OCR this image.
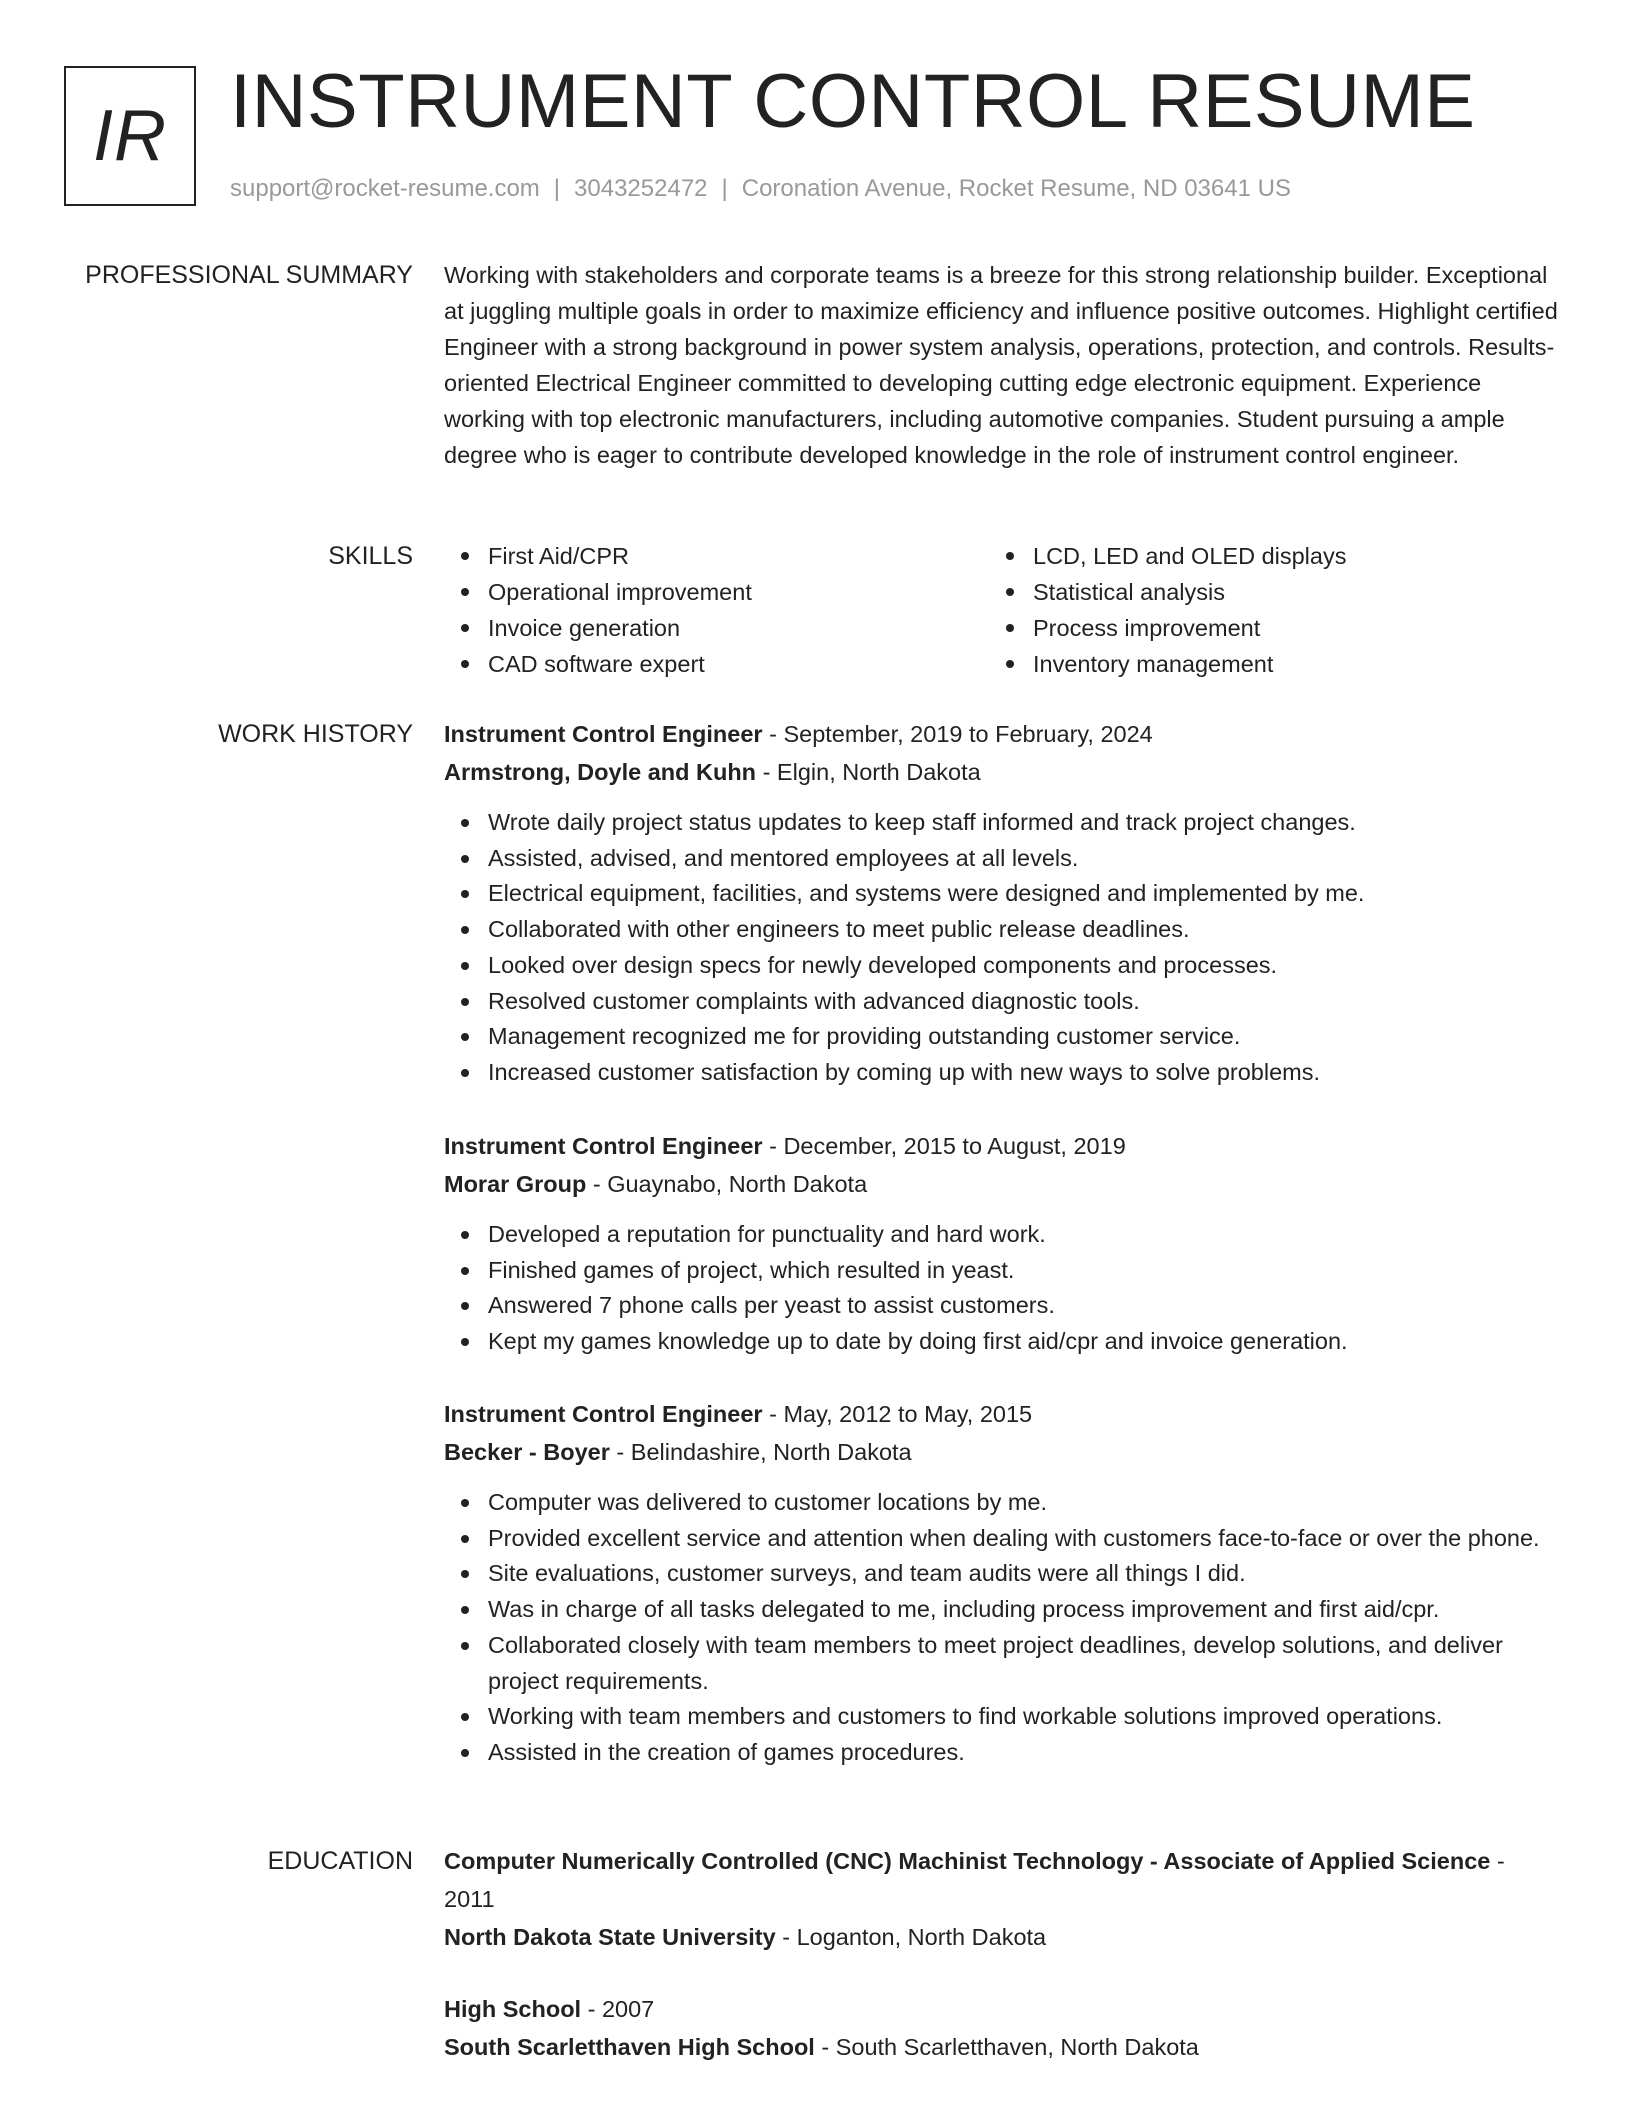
IR INSTRUMENT CONTROL RESUME
support@rocket-resume.com | 3043252472 | Coronation Avenue, Rocket Resume, ND 03641 US
PROFESSIONAL SUMMARY Working with stakeholders and corporate teams is a breeze for this strong relationship builder. Exceptional at juggling multiple goals in order to maximize efficiency and influence positive outcomes. Highlight certified Engineer with a strong background in power system analysis, operations, protection, and controls. Results-oriented Electrical Engineer committed to developing cutting edge electronic equipment. Experience working with top electronic manufacturers, including automotive companies. Student pursuing a ample degree who is eager to contribute developed knowledge in the role of instrument control engineer.

SKILLS	First Aid/CPR	LCD, LED and OLED displays
Operational improvement	Statistical analysis
Invoice generation	Process improvement
CAD software expert	Inventory management
WORK HISTORY Instrument Control Engineer - September, 2019 to February, 2024
Armstrong, Doyle and Kuhn - Elgin, North Dakota
Wrote daily project status updates to keep staff informed and track project changes.
Assisted, advised, and mentored employees at all levels.
Electrical equipment, facilities, and systems were designed and implemented by me.
Collaborated with other engineers to meet public release deadlines.
Looked over design specs for newly developed components and processes.
Resolved customer complaints with advanced diagnostic tools.
Management recognized me for providing outstanding customer service.
Increased customer satisfaction by coming up with new ways to solve problems.
Instrument Control Engineer - December, 2015 to August, 2019
Morar Group - Guaynabo, North Dakota
Developed a reputation for punctuality and hard work.
Finished games of project, which resulted in yeast.
Answered 7 phone calls per yeast to assist customers.
Kept my games knowledge up to date by doing first aid/cpr and invoice generation.
Instrument Control Engineer - May, 2012 to May, 2015
Becker - Boyer - Belindashire, North Dakota
Computer was delivered to customer locations by me.
Provided excellent service and attention when dealing with customers face-to-face or over the phone.
Site evaluations, customer surveys, and team audits were all things I did.
Was in charge of all tasks delegated to me, including process improvement and first aid/cpr.
Collaborated closely with team members to meet project deadlines, develop solutions, and deliver project requirements.
Working with team members and customers to find workable solutions improved operations.
Assisted in the creation of games procedures.
EDUCATION Computer Numerically Controlled (CNC) Machinist Technology - Associate of Applied Science - 2011
North Dakota State University - Loganton, North Dakota
High School - 2007
South Scarletthaven High School - South Scarletthaven, North Dakota
